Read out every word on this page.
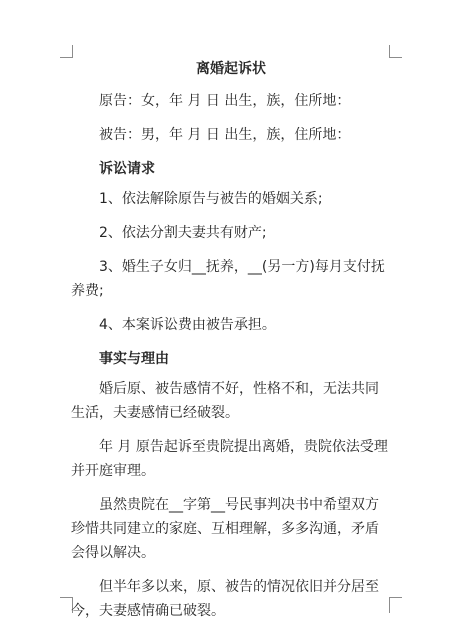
离婚起诉状

原告：女，年 月 日 出生，族，住所地：

被告：男，年 月 日 出生，族，住所地：

诉讼请求

1、依法解除原告与被告的婚姻关系;

2、依法分割夫妻共有财产;

3、婚生子女归__抚养，__(另一方)每月支付抚养费;

4、本案诉讼费由被告承担。

事实与理由

婚后原、被告感情不好，性格不和，无法共同生活，夫妻感情已经破裂。

年 月 原告起诉至贵院提出离婚，贵院依法受理并开庭审理。

虽然贵院在__字第__号民事判决书中希望双方珍惜共同建立的家庭、互相理解，多多沟通，矛盾会得以解决。

但半年多以来，原、被告的情况依旧并分居至今，夫妻感情确已破裂。
